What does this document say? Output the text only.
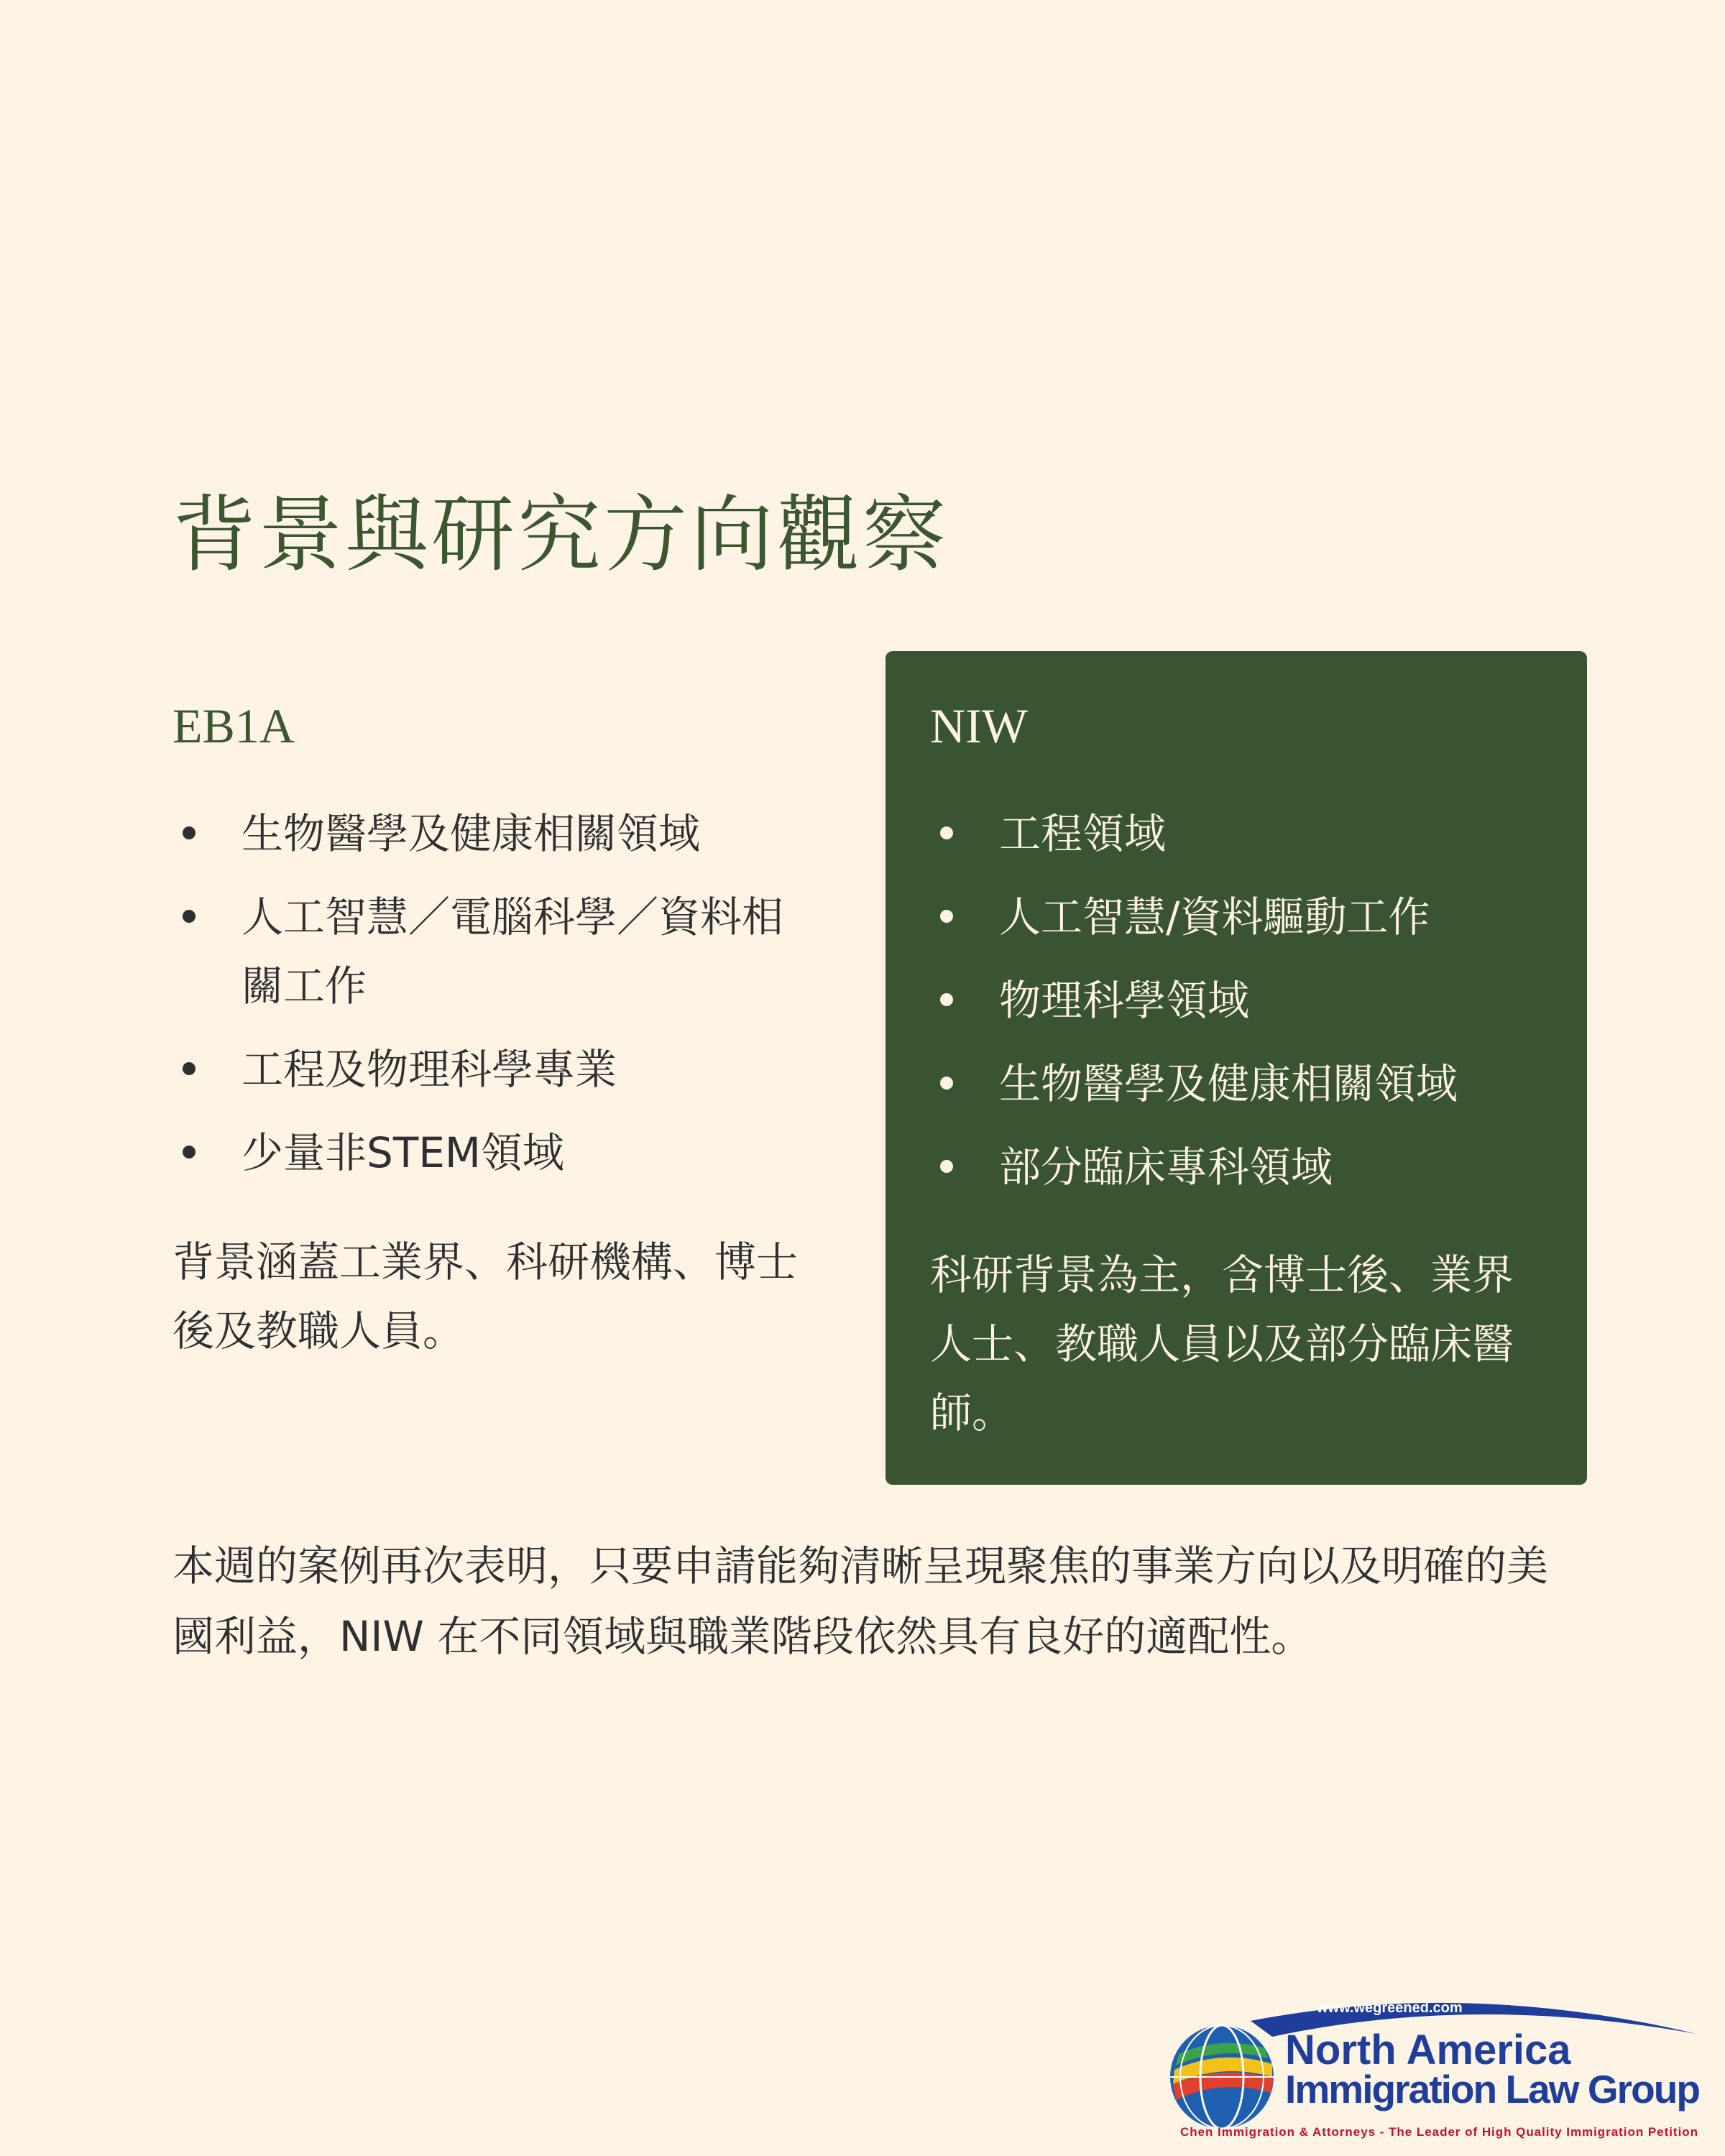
背景與研究方向觀察
EB1A
生物醫學及健康相關領域
人工智慧／電腦科學／資料相關工作
工程及物理科學專業
少量非STEM領域
背景涵蓋工業界、科研機構、博士後及教職人員。
NIW
工程領域
人工智慧/資料驅動工作
物理科學領域
生物醫學及健康相關領域
部分臨床專科領域
科研背景為主，含博士後、業界人士、教職人員以及部分臨床醫師。
本週的案例再次表明，只要申請能夠清晰呈現聚焦的事業方向以及明確的美國利益，NIW 在不同領域與職業階段依然具有良好的適配性。
www.wegreened.com
North America
Immigration Law Group
Chen Immigration & Attorneys - The Leader of High Quality Immigration Petition
